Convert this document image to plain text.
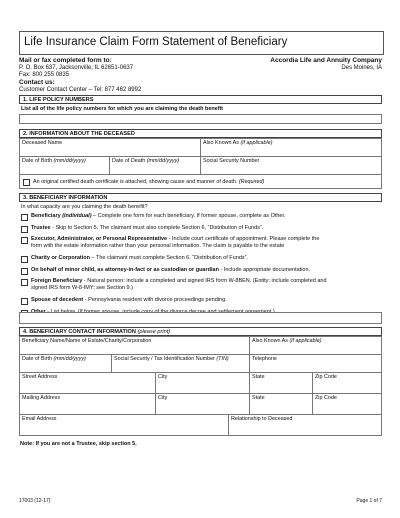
Life Insurance Claim Form Statement of Beneficiary
Mail or fax completed form to:
P. O. Box 637, Jacksonville, IL 62651-0637
Fax: 800 255 0835
Contact us:
Customer Contact Center – Tel: 877 462 8992
Accordia Life and Annuity Company
Des Moines, IA
1. LIFE POLICY NUMBERS
List all of the life policy numbers for which you are claiming the death benefit
2. INFORMATION ABOUT THE DECEASED
Deceased Name	Also Known As (if applicable)
Date of Birth (mm/dd/yyyy)	Date of Death (mm/dd/yyyy)	Social Security Number
An original certified death certificate is attached, showing cause and manner of death. (Required)
3. BENEFICIARY INFORMATION
In what capacity are you claiming the death benefit?
Beneficiary (individual) – Complete one form for each beneficiary. If former spouse, complete as Other.
Trustee - Skip to Section 5. The claimant must also complete Section 6, “Distribution of Funds”.
Executor, Administrator, or Personal Representative - Include court certificate of appointment. Please complete the
form with the estate information rather than your personal information. The claim is payable to the estate
Charity or Corporation – The claimant must complete Section 6, “Distribution of Funds”.
On behalf of minor child, as attorney-in-fact or as custodian or guardian - Include appropriate documentation.
Foreign Beneficiary - Natural person: include a completed and signed IRS form W-8BEN. (Entity: include completed and
signed IRS form W-8-IMY; see Section 9.)
Spouse of decedent - Pennsylvania resident with divorce proceedings pending.
4. BENEFICIARY CONTACT INFORMATION (please print)
Beneficiary Name/Name of Estate/Charity/Corporation	Also Known As (if applicable)
Date of Birth (mm/dd/yyyy)	Social Security / Tax Identification Number (TIN)	Telephone
Street Address	City	State	Zip Code
Mailing Address	City	State	Zip Code
Email Address	Relationship to Deceased
Note: If you are not a Trustee, skip section 5.
17003 (12-17)	Page 1 of 7
